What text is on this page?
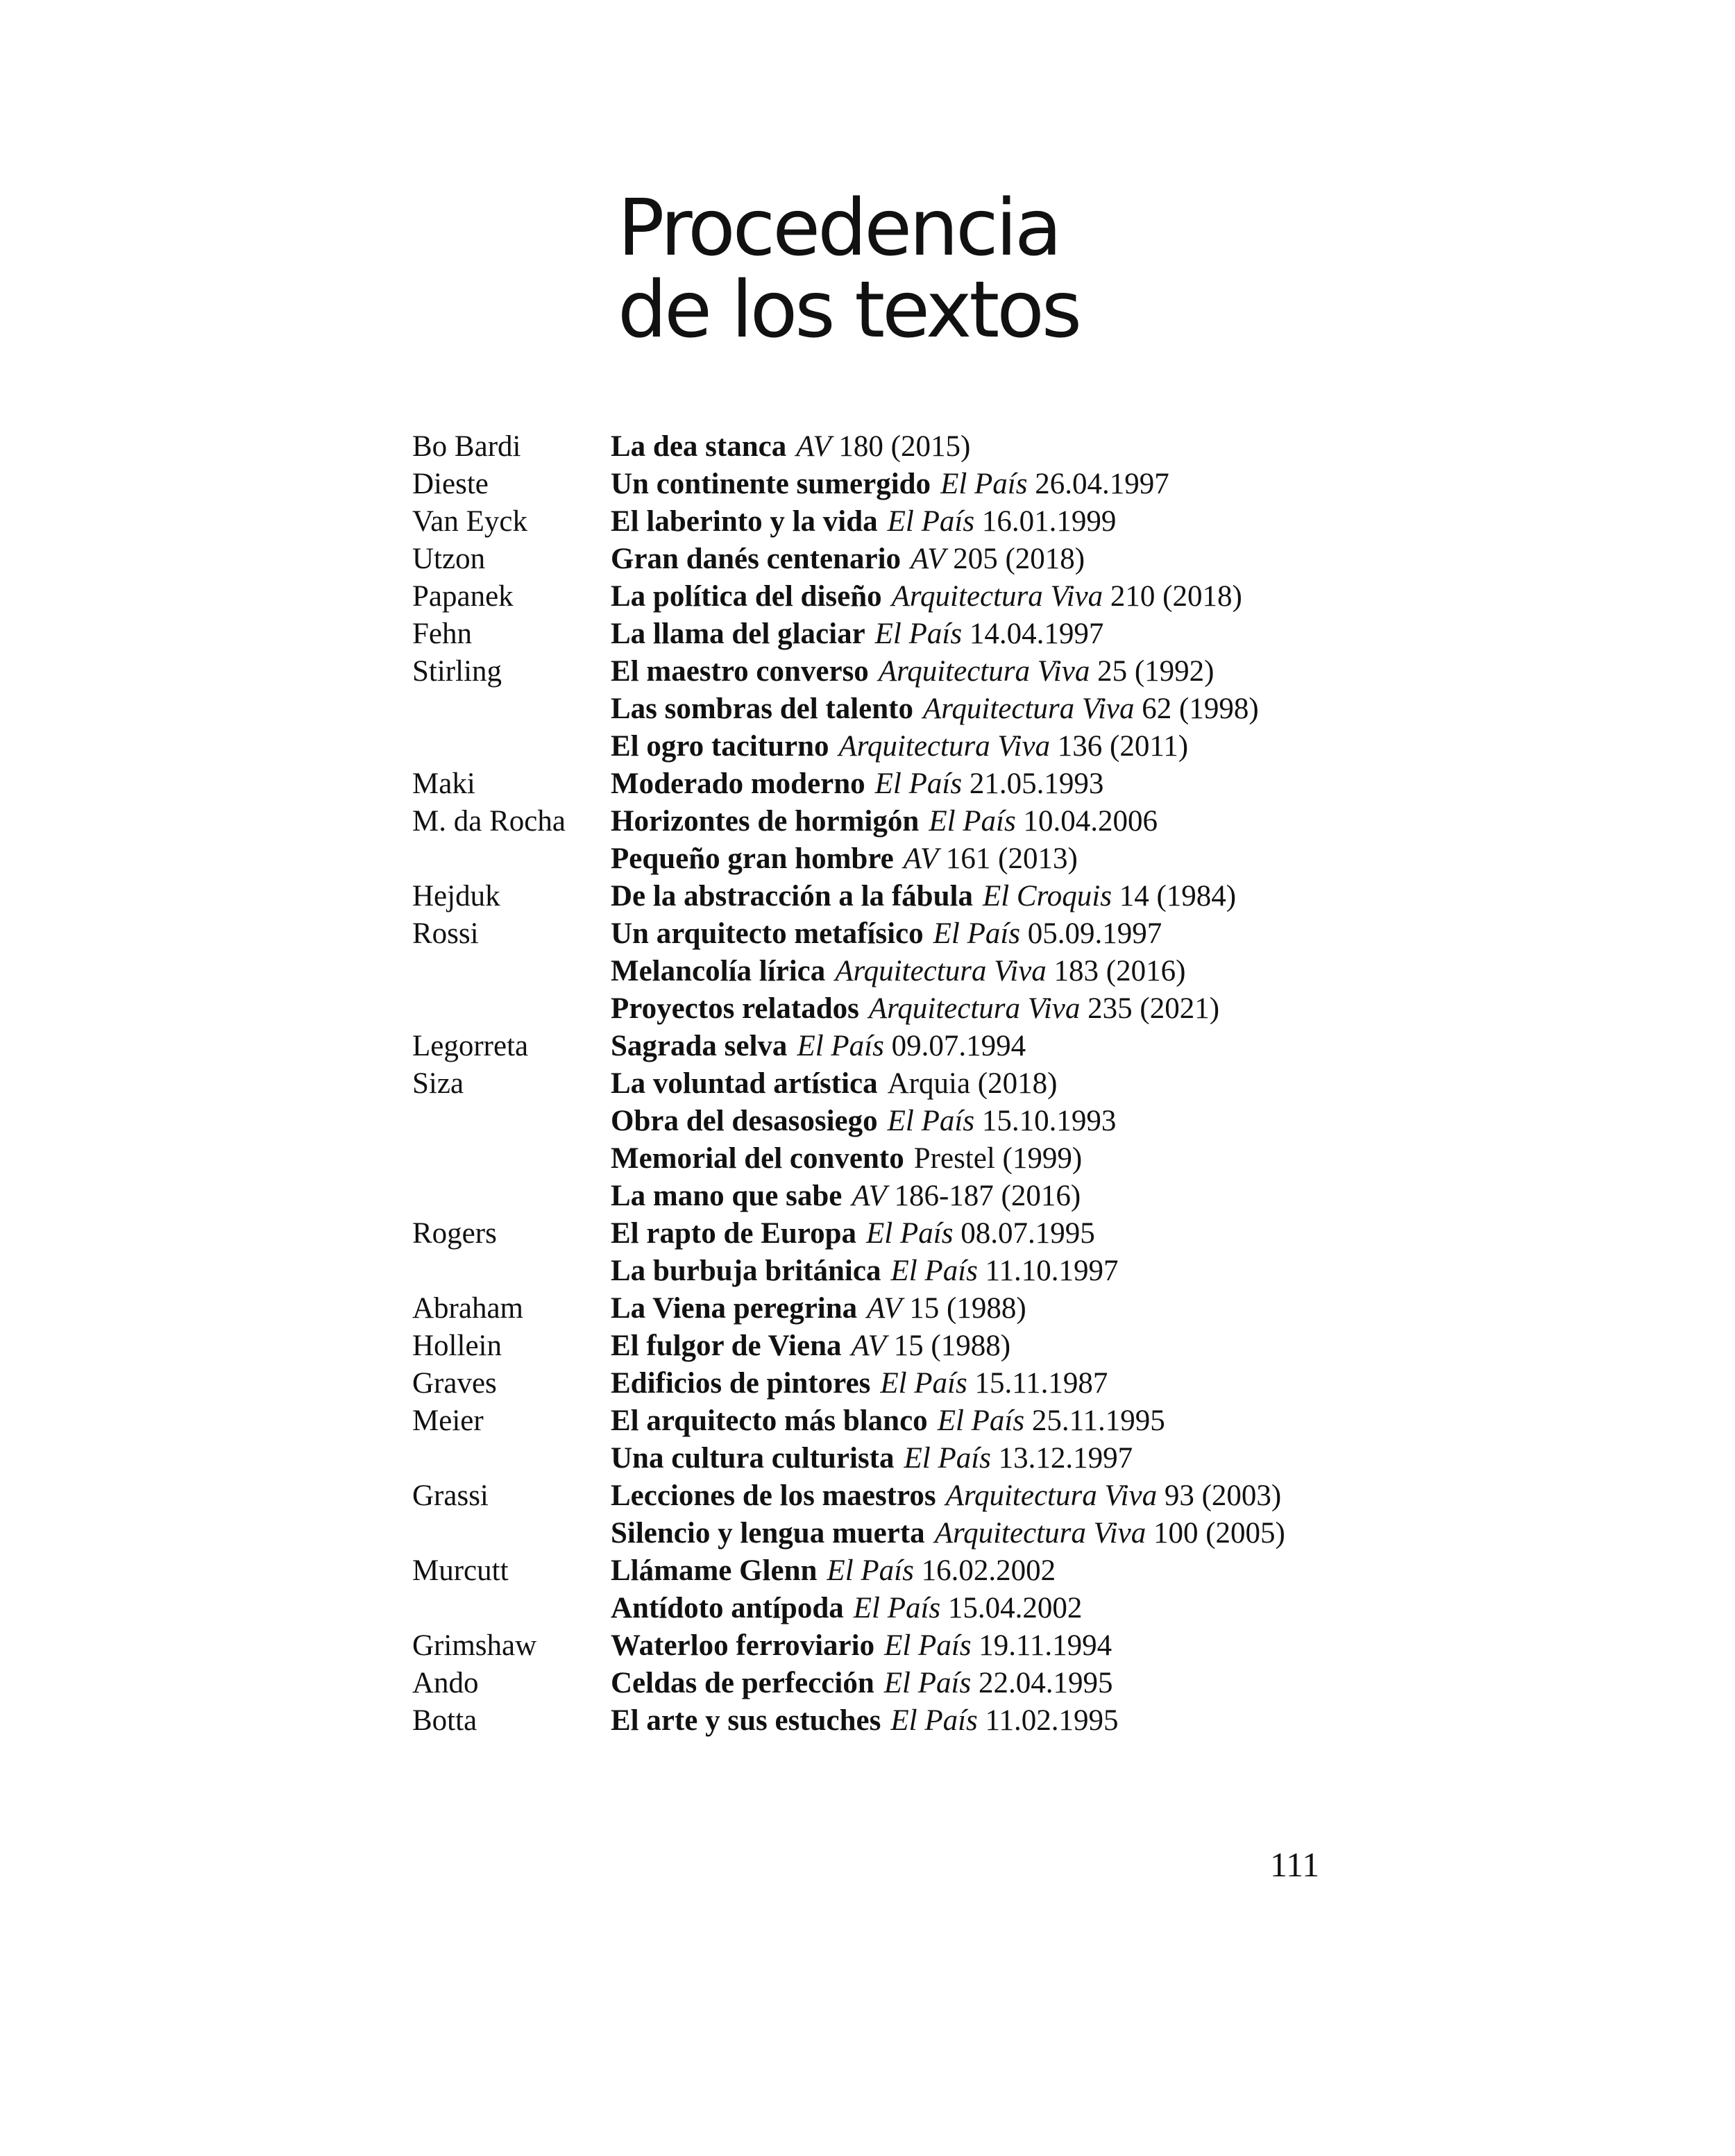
Procedencia
de los textos
Bo Bardi	La dea stanca AV 180 (2015)
Dieste	Un continente sumergido El País 26.04.1997
Van Eyck	El laberinto y la vida El País 16.01.1999
Utzon	Gran danés centenario AV 205 (2018)
Papanek	La política del diseño Arquitectura Viva 210 (2018)
Fehn	La llama del glaciar El País 14.04.1997
Stirling	El maestro converso Arquitectura Viva 25 (1992)
Las sombras del talento Arquitectura Viva 62 (1998)
El ogro taciturno Arquitectura Viva 136 (2011)
Maki	Moderado moderno El País 21.05.1993
M. da Rocha	Horizontes de hormigón El País 10.04.2006
Pequeño gran hombre AV 161 (2013)
Hejduk	De la abstracción a la fábula El Croquis 14 (1984)
Rossi	Un arquitecto metafísico El País 05.09.1997
Melancolía lírica Arquitectura Viva 183 (2016)
Proyectos relatados Arquitectura Viva 235 (2021)
Legorreta	Sagrada selva El País 09.07.1994
Siza	La voluntad artística Arquia (2018)
Obra del desasosiego El País 15.10.1993
Memorial del convento Prestel (1999)
La mano que sabe AV 186-187 (2016)
Rogers	El rapto de Europa El País 08.07.1995
La burbuja británica El País 11.10.1997
Abraham	La Viena peregrina AV 15 (1988)
Hollein	El fulgor de Viena AV 15 (1988)
Graves	Edificios de pintores El País 15.11.1987
Meier	El arquitecto más blanco El País 25.11.1995
Una cultura culturista El País 13.12.1997
Grassi	Lecciones de los maestros Arquitectura Viva 93 (2003)
Silencio y lengua muerta Arquitectura Viva 100 (2005)
Murcutt	Llámame Glenn El País 16.02.2002
Antídoto antípoda El País 15.04.2002
Grimshaw	Waterloo ferroviario El País 19.11.1994
Ando	Celdas de perfección El País 22.04.1995
Botta	El arte y sus estuches El País 11.02.1995
111
